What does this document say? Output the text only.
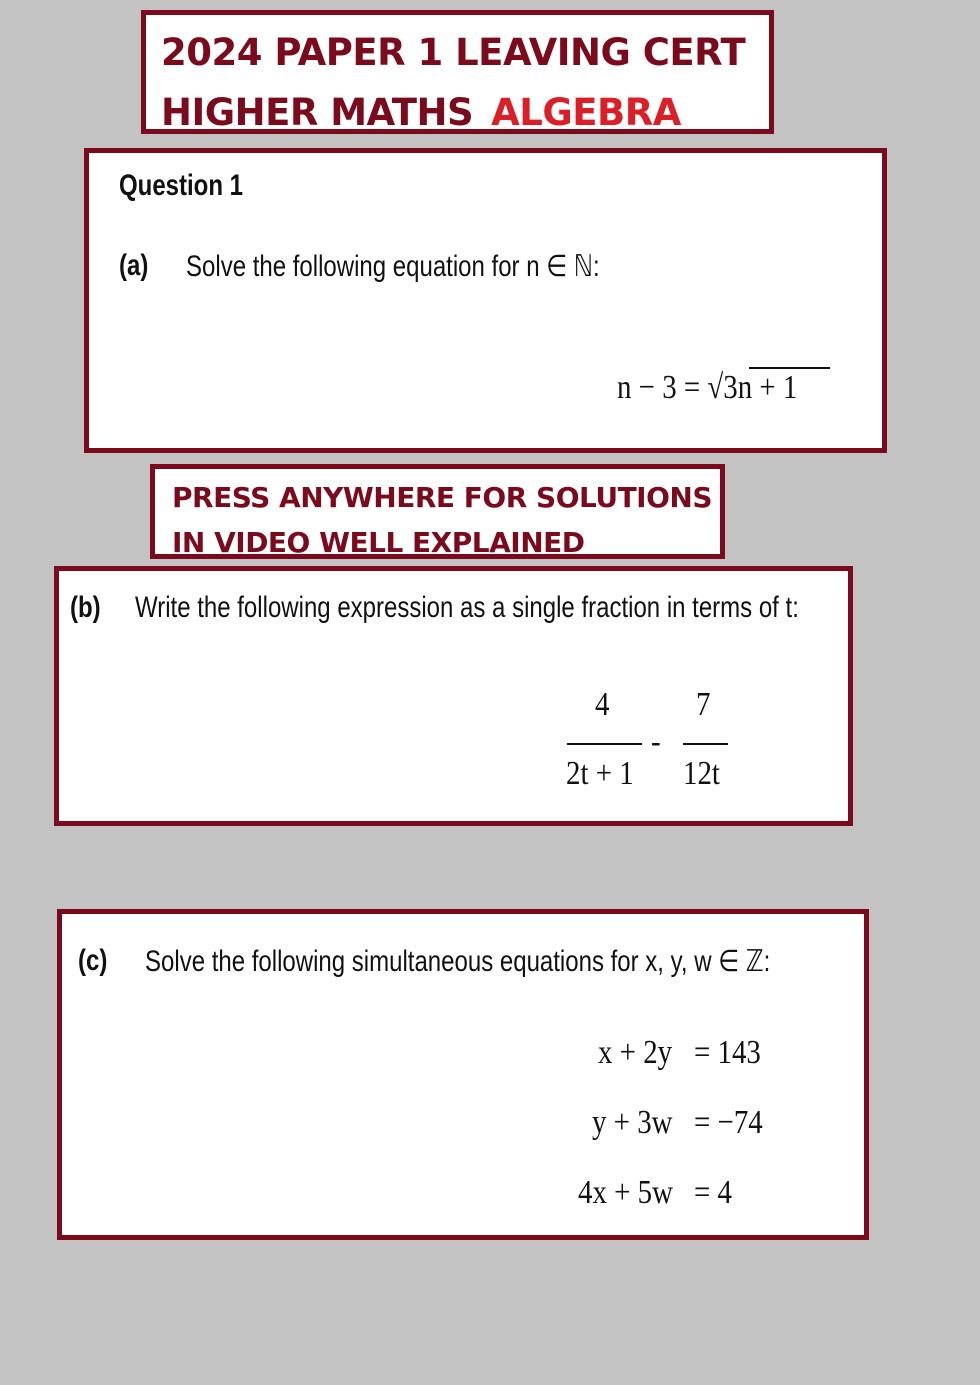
2024 PAPER 1 LEAVING CERT
HIGHER MATHS ALGEBRA
Question 1
(a) Solve the following equation for n ∈ ℕ:
n − 3 = √3n + 1
PRESS ANYWHERE FOR SOLUTIONS
IN VIDEO WELL EXPLAINED
(b) Write the following expression as a single fraction in terms of t:
4
2t + 1
-
7
12t
(c) Solve the following simultaneous equations for x, y, w ∈ ℤ:
x + 2y = 143
y + 3w = −74
4x + 5w = 4
